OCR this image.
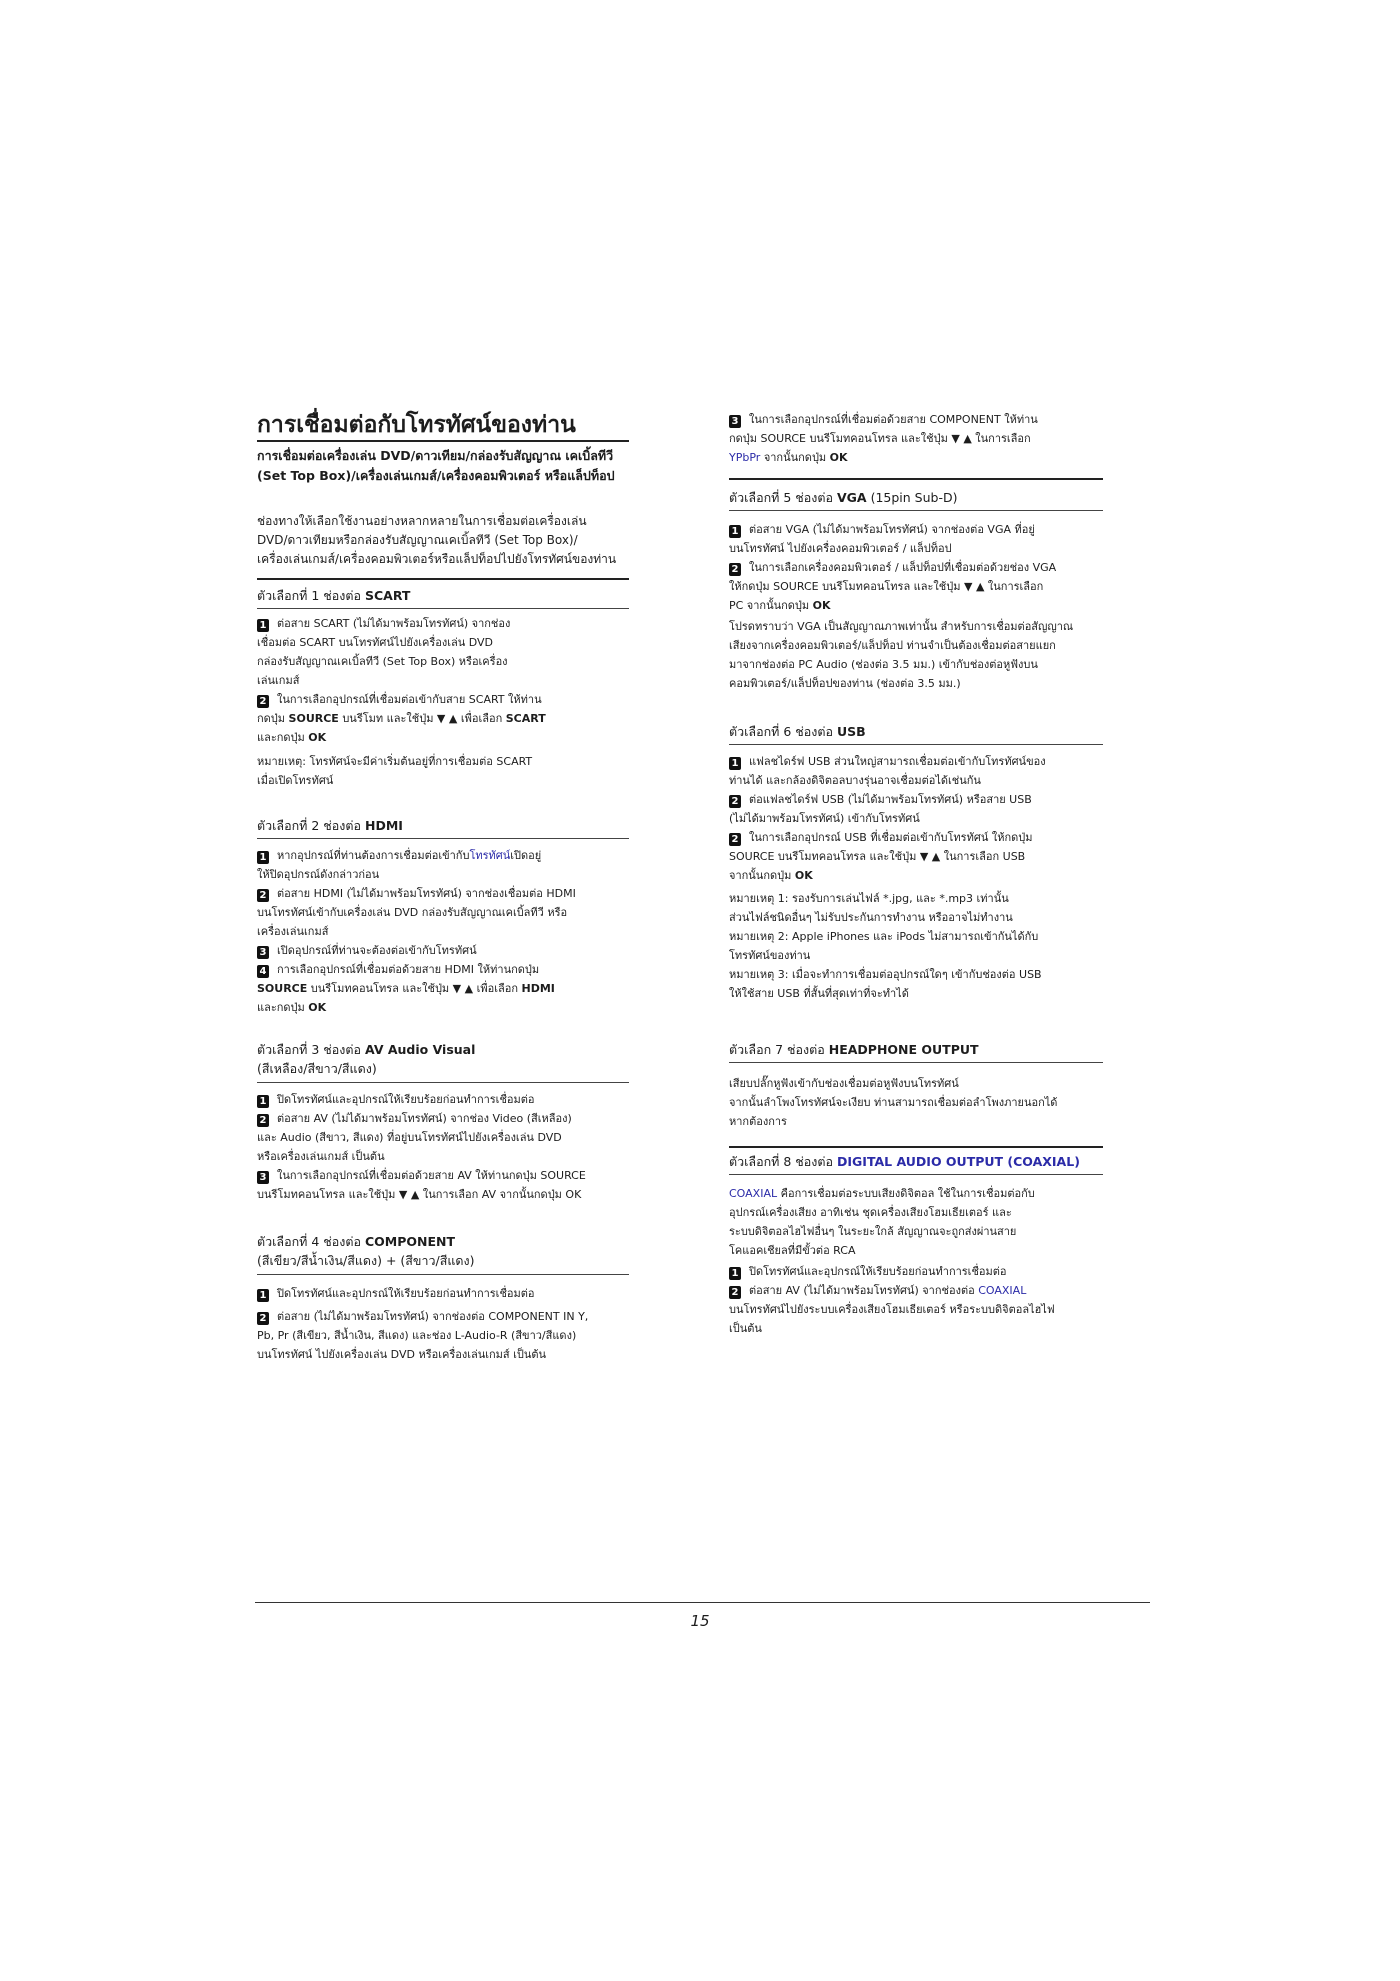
การเชื่อมต่อกับโทรทัศน์ของท่าน
การเชื่อมต่อเครื่องเล่น DVD/ดาวเทียม/กล่องรับสัญญาณ เคเบิ้ลทีวี (Set Top Box)/เครื่องเล่นเกมส์/เครื่องคอมพิวเตอร์ หรือแล็ปท็อป
ช่องทางให้เลือกใช้งานอย่างหลากหลายในการเชื่อมต่อเครื่องเล่น
DVD/ดาวเทียมหรือกล่องรับสัญญาณเคเบิ้ลทีวี (Set Top Box)/
เครื่องเล่นเกมส์/เครื่องคอมพิวเตอร์หรือแล็ปท็อปไปยังโทรทัศน์ของท่าน
ตัวเลือกที่ 1 ช่องต่อ SCART
1 ต่อสาย SCART (ไม่ได้มาพร้อมโทรทัศน์) จากช่อง
เชื่อมต่อ SCART บนโทรทัศน์ไปยังเครื่องเล่น DVD
กล่องรับสัญญาณเคเบิ้ลทีวี (Set Top Box) หรือเครื่อง
เล่นเกมส์
2 ในการเลือกอุปกรณ์ที่เชื่อมต่อเข้ากับสาย SCART ให้ท่าน
กดปุ่ม SOURCE บนรีโมท และใช้ปุ่ม ▼ ▲ เพื่อเลือก SCART
และกดปุ่ม OK
หมายเหตุ: โทรทัศน์จะมีค่าเริ่มต้นอยู่ที่การเชื่อมต่อ SCART
เมื่อเปิดโทรทัศน์
ตัวเลือกที่ 2 ช่องต่อ HDMI
1 หากอุปกรณ์ที่ท่านต้องการเชื่อมต่อเข้ากับโทรทัศน์เปิดอยู่
ให้ปิดอุปกรณ์ดังกล่าวก่อน
2 ต่อสาย HDMI (ไม่ได้มาพร้อมโทรทัศน์) จากช่องเชื่อมต่อ HDMI
บนโทรทัศน์เข้ากับเครื่องเล่น DVD กล่องรับสัญญาณเคเบิ้ลทีวี หรือ
เครื่องเล่นเกมส์
3 เปิดอุปกรณ์ที่ท่านจะต้องต่อเข้ากับโทรทัศน์
4 การเลือกอุปกรณ์ที่เชื่อมต่อด้วยสาย HDMI ให้ท่านกดปุ่ม
SOURCE บนรีโมทคอนโทรล และใช้ปุ่ม ▼ ▲ เพื่อเลือก HDMI
และกดปุ่ม OK
ตัวเลือกที่ 3 ช่องต่อ AV Audio Visual
(สีเหลือง/สีขาว/สีแดง)
1 ปิดโทรทัศน์และอุปกรณ์ให้เรียบร้อยก่อนทำการเชื่อมต่อ
2 ต่อสาย AV (ไม่ได้มาพร้อมโทรทัศน์) จากช่อง Video (สีเหลือง)
และ Audio (สีขาว, สีแดง) ที่อยู่บนโทรทัศน์ไปยังเครื่องเล่น DVD
หรือเครื่องเล่นเกมส์ เป็นต้น
3 ในการเลือกอุปกรณ์ที่เชื่อมต่อด้วยสาย AV ให้ท่านกดปุ่ม SOURCE
บนรีโมทคอนโทรล และใช้ปุ่ม ▼ ▲ ในการเลือก AV จากนั้นกดปุ่ม OK
ตัวเลือกที่ 4 ช่องต่อ COMPONENT
(สีเขียว/สีน้ำเงิน/สีแดง) + (สีขาว/สีแดง)
1 ปิดโทรทัศน์และอุปกรณ์ให้เรียบร้อยก่อนทำการเชื่อมต่อ
2 ต่อสาย (ไม่ได้มาพร้อมโทรทัศน์) จากช่องต่อ COMPONENT IN Y,
Pb, Pr (สีเขียว, สีน้ำเงิน, สีแดง) และช่อง L-Audio-R (สีขาว/สีแดง)
บนโทรทัศน์ ไปยังเครื่องเล่น DVD หรือเครื่องเล่นเกมส์ เป็นต้น
3 ในการเลือกอุปกรณ์ที่เชื่อมต่อด้วยสาย COMPONENT ให้ท่าน
กดปุ่ม SOURCE บนรีโมทคอนโทรล และใช้ปุ่ม ▼ ▲ ในการเลือก
YPbPr จากนั้นกดปุ่ม OK
ตัวเลือกที่ 5 ช่องต่อ VGA (15pin Sub-D)
1 ต่อสาย VGA (ไม่ได้มาพร้อมโทรทัศน์) จากช่องต่อ VGA ที่อยู่
บนโทรทัศน์ ไปยังเครื่องคอมพิวเตอร์ / แล็ปท็อป
2 ในการเลือกเครื่องคอมพิวเตอร์ / แล็ปท็อปที่เชื่อมต่อด้วยช่อง VGA
ให้กดปุ่ม SOURCE บนรีโมทคอนโทรล และใช้ปุ่ม ▼ ▲ ในการเลือก
PC จากนั้นกดปุ่ม OK
โปรดทราบว่า VGA เป็นสัญญาณภาพเท่านั้น สำหรับการเชื่อมต่อสัญญาณ
เสียงจากเครื่องคอมพิวเตอร์/แล็ปท็อป ท่านจำเป็นต้องเชื่อมต่อสายแยก
มาจากช่องต่อ PC Audio (ช่องต่อ 3.5 มม.) เข้ากับช่องต่อหูฟังบน
คอมพิวเตอร์/แล็ปท็อปของท่าน (ช่องต่อ 3.5 มม.)
ตัวเลือกที่ 6 ช่องต่อ USB
1 แฟลชไดร์ฟ USB ส่วนใหญ่สามารถเชื่อมต่อเข้ากับโทรทัศน์ของ
ท่านได้ และกล้องดิจิตอลบางรุ่นอาจเชื่อมต่อได้เช่นกัน
2 ต่อแฟลชไดร์ฟ USB (ไม่ได้มาพร้อมโทรทัศน์) หรือสาย USB
(ไม่ได้มาพร้อมโทรทัศน์) เข้ากับโทรทัศน์
2 ในการเลือกอุปกรณ์ USB ที่เชื่อมต่อเข้ากับโทรทัศน์ ให้กดปุ่ม
SOURCE บนรีโมทคอนโทรล และใช้ปุ่ม ▼ ▲ ในการเลือก USB
จากนั้นกดปุ่ม OK
หมายเหตุ 1: รองรับการเล่นไฟล์ *.jpg, และ *.mp3 เท่านั้น
ส่วนไฟล์ชนิดอื่นๆ ไม่รับประกันการทำงาน หรืออาจไม่ทำงาน
หมายเหตุ 2: Apple iPhones และ iPods ไม่สามารถเข้ากันได้กับ
โทรทัศน์ของท่าน
หมายเหตุ 3: เมื่อจะทำการเชื่อมต่ออุปกรณ์ใดๆ เข้ากับช่องต่อ USB
ให้ใช้สาย USB ที่สั้นที่สุดเท่าที่จะทำได้
ตัวเลือก 7 ช่องต่อ HEADPHONE OUTPUT
เสียบปลั๊กหูฟังเข้ากับช่องเชื่อมต่อหูฟังบนโทรทัศน์
จากนั้นลำโพงโทรทัศน์จะเงียบ ท่านสามารถเชื่อมต่อลำโพงภายนอกได้
หากต้องการ
ตัวเลือกที่ 8 ช่องต่อ DIGITAL AUDIO OUTPUT (COAXIAL)
COAXIAL คือการเชื่อมต่อระบบเสียงดิจิตอล ใช้ในการเชื่อมต่อกับ
อุปกรณ์เครื่องเสียง อาทิเช่น ชุดเครื่องเสียงโฮมเธียเตอร์ และ
ระบบดิจิตอลไฮไฟอื่นๆ ในระยะใกล้ สัญญาณจะถูกส่งผ่านสาย
โคแอคเชียลที่มีขั้วต่อ RCA
1 ปิดโทรทัศน์และอุปกรณ์ให้เรียบร้อยก่อนทำการเชื่อมต่อ
2 ต่อสาย AV (ไม่ได้มาพร้อมโทรทัศน์) จากช่องต่อ COAXIAL
บนโทรทัศน์ไปยังระบบเครื่องเสียงโฮมเธียเตอร์ หรือระบบดิจิตอลไฮไฟ
เป็นต้น
15
